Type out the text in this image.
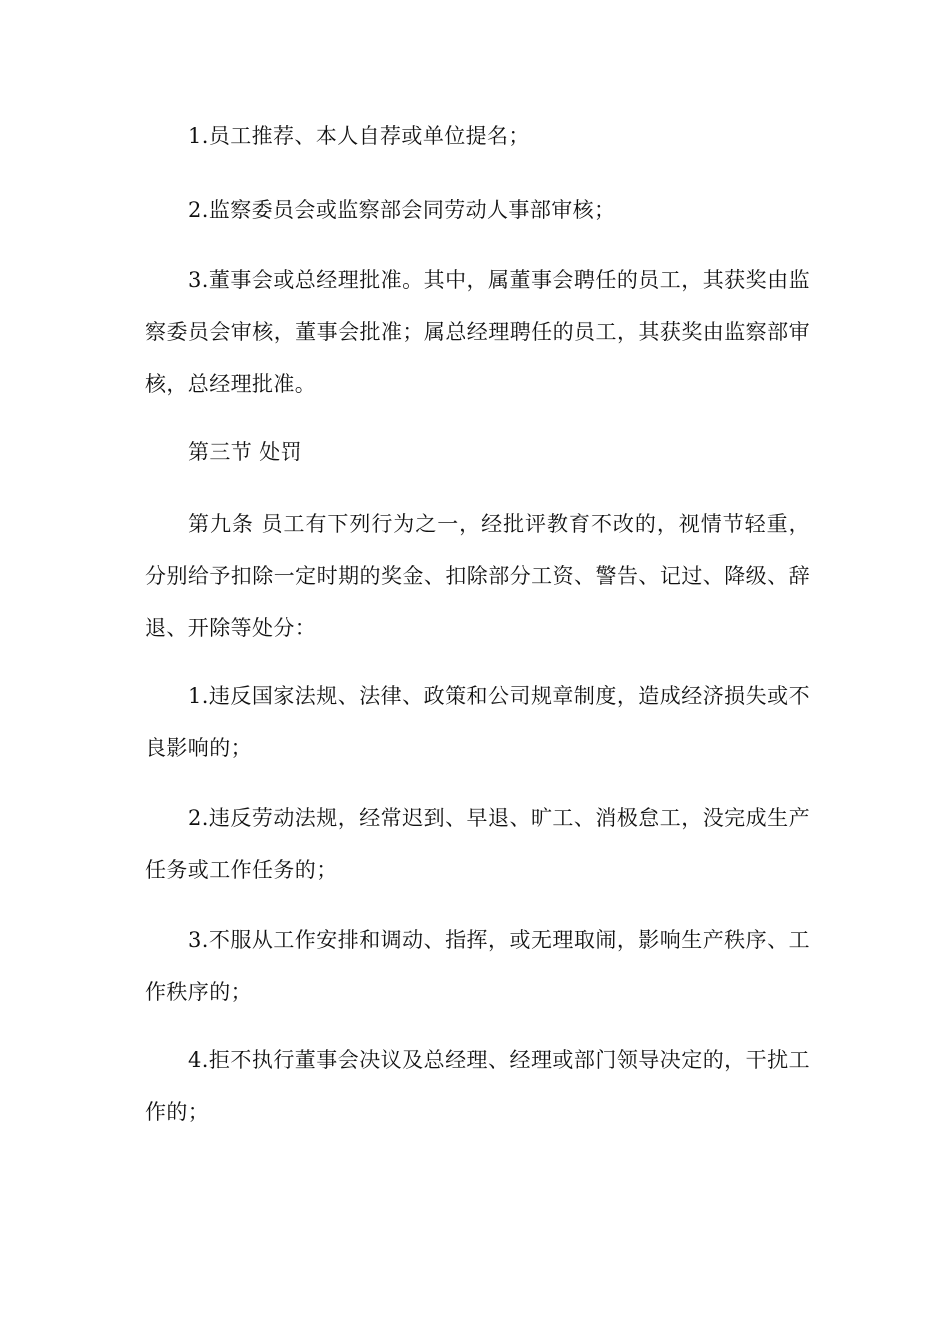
1.员工推荐、本人自荐或单位提名；

2.监察委员会或监察部会同劳动人事部审核；

3.董事会或总经理批准。其中，属董事会聘任的员工，其获奖由监察委员会审核，董事会批准；属总经理聘任的员工，其获奖由监察部审核，总经理批准。

第三节 处罚

第九条 员工有下列行为之一，经批评教育不改的，视情节轻重，分别给予扣除一定时期的奖金、扣除部分工资、警告、记过、降级、辞退、开除等处分：

1.违反国家法规、法律、政策和公司规章制度，造成经济损失或不良影响的；

2.违反劳动法规，经常迟到、早退、旷工、消极怠工，没完成生产任务或工作任务的；

3.不服从工作安排和调动、指挥，或无理取闹，影响生产秩序、工作秩序的；

4.拒不执行董事会决议及总经理、经理或部门领导决定的，干扰工作的；
